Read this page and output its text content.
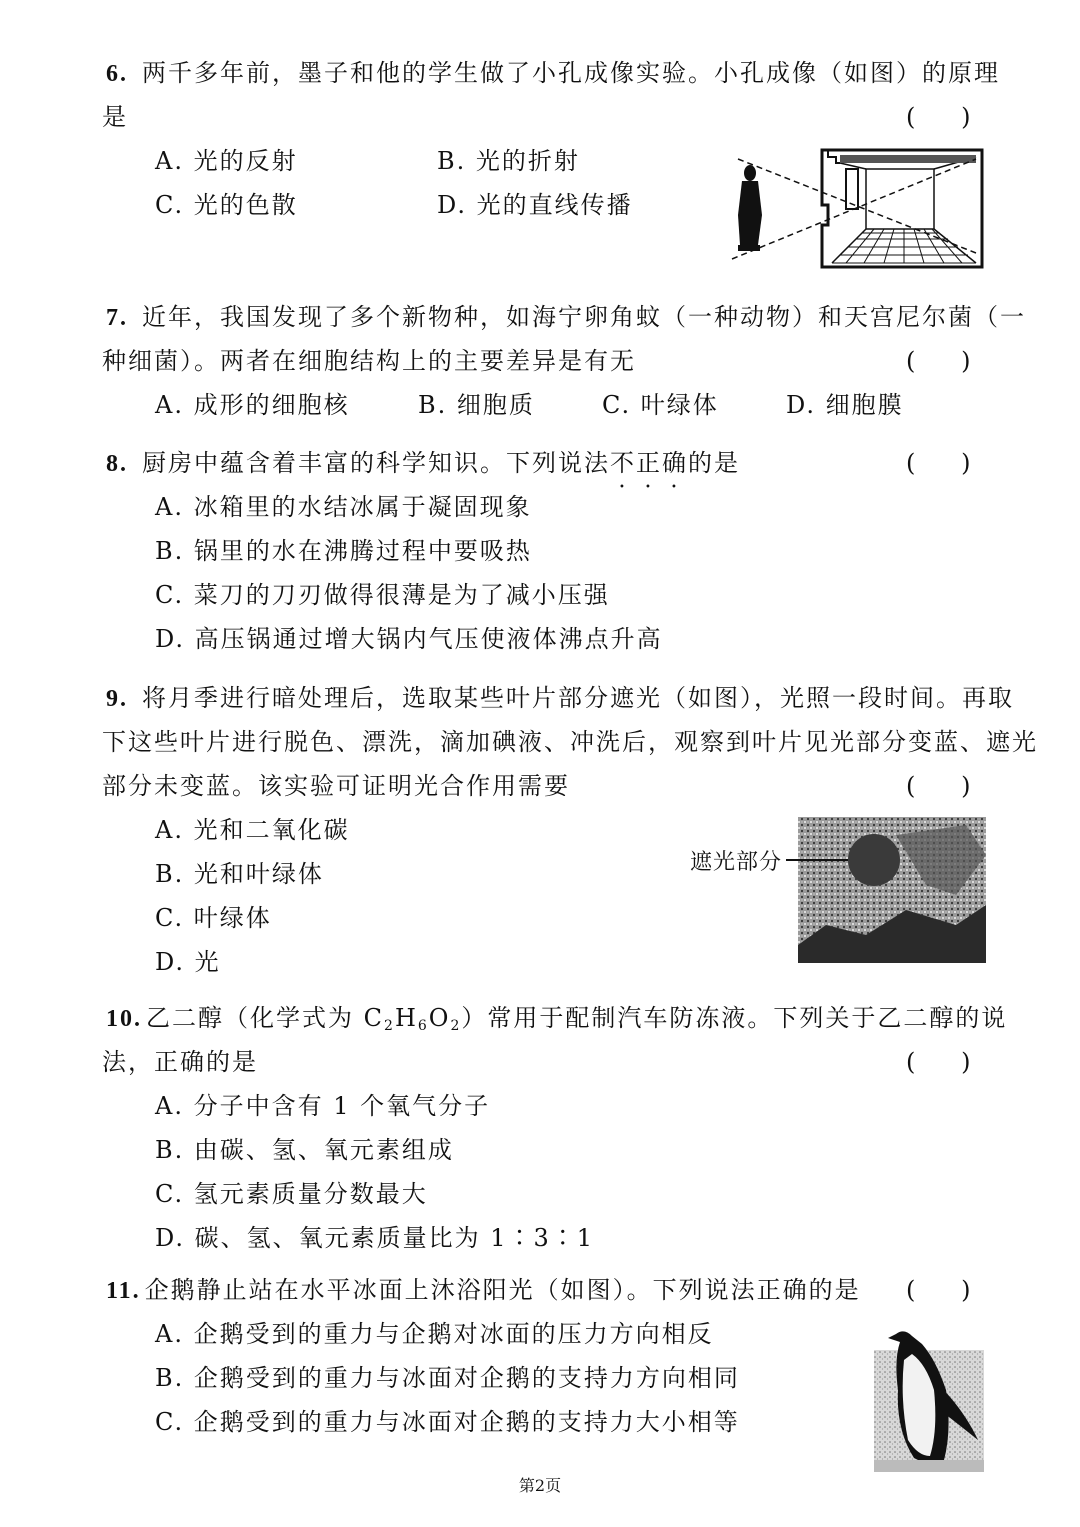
6. 两千多年前，墨子和他的学生做了小孔成像实验。小孔成像（如图）的原理
是	(      )
A. 光的反射	B. 光的折射
C. 光的色散	D. 光的直线传播
7. 近年，我国发现了多个新物种，如海宁卵角蚊（一种动物）和天宫尼尔菌（一
种细菌）。两者在细胞结构上的主要差异是有无	(      )
A. 成形的细胞核	B. 细胞质	C. 叶绿体	D. 细胞膜
8. 厨房中蕴含着丰富的科学知识。下列说法不正确的是	(      )
A. 冰箱里的水结冰属于凝固现象
B. 锅里的水在沸腾过程中要吸热
C. 菜刀的刀刃做得很薄是为了减小压强
D. 高压锅通过增大锅内气压使液体沸点升高
9. 将月季进行暗处理后，选取某些叶片部分遮光（如图），光照一段时间。再取
下这些叶片进行脱色、漂洗，滴加碘液、冲洗后，观察到叶片见光部分变蓝、遮光
部分未变蓝。该实验可证明光合作用需要	(      )
A. 光和二氧化碳
B. 光和叶绿体
C. 叶绿体
D. 光
遮光部分
10. 乙二醇（化学式为 $C_2H_6O_2$）常用于配制汽车防冻液。下列关于乙二醇的说
法，正确的是	(      )
A. 分子中含有 1 个氧气分子
B. 由碳、氢、氧元素组成
C. 氢元素质量分数最大
D. 碳、氢、氧元素质量比为 1∶3∶1
11. 企鹅静止站在水平冰面上沐浴阳光（如图）。下列说法正确的是 (      )
A. 企鹅受到的重力与企鹅对冰面的压力方向相反
B. 企鹅受到的重力与冰面对企鹅的支持力方向相同
C. 企鹅受到的重力与冰面对企鹅的支持力大小相等
第2页
